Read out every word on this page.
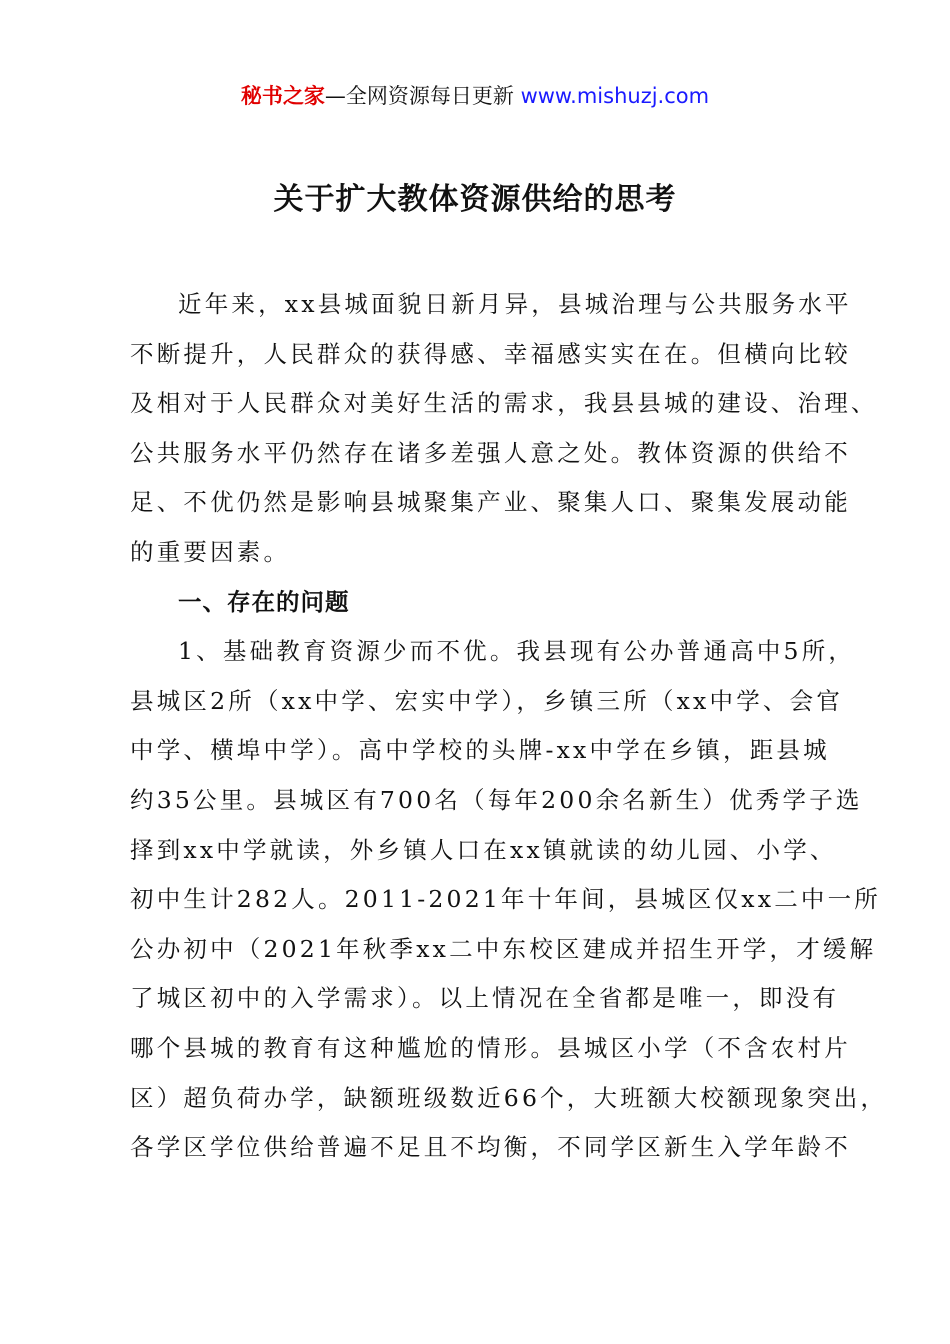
秘书之家—全网资源每日更新 www.mishuzj.com
关于扩大教体资源供给的思考
近年来，xx县城面貌日新月异，县城治理与公共服务水平
不断提升，人民群众的获得感、幸福感实实在在。但横向比较
及相对于人民群众对美好生活的需求，我县县城的建设、治理、
公共服务水平仍然存在诸多差强人意之处。教体资源的供给不
足、不优仍然是影响县城聚集产业、聚集人口、聚集发展动能
的重要因素。
一、存在的问题
1、基础教育资源少而不优。我县现有公办普通高中5所，
县城区2所（xx中学、宏实中学），乡镇三所（xx中学、会官
中学、横埠中学）。高中学校的头牌-xx中学在乡镇，距县城
约35公里。县城区有700名（每年200余名新生）优秀学子选
择到xx中学就读，外乡镇人口在xx镇就读的幼儿园、小学、
初中生计282人。2011-2021年十年间，县城区仅xx二中一所
公办初中（2021年秋季xx二中东校区建成并招生开学，才缓解
了城区初中的入学需求）。以上情况在全省都是唯一，即没有
哪个县城的教育有这种尴尬的情形。县城区小学（不含农村片
区）超负荷办学，缺额班级数近66个，大班额大校额现象突出，
各学区学位供给普遍不足且不均衡，不同学区新生入学年龄不
